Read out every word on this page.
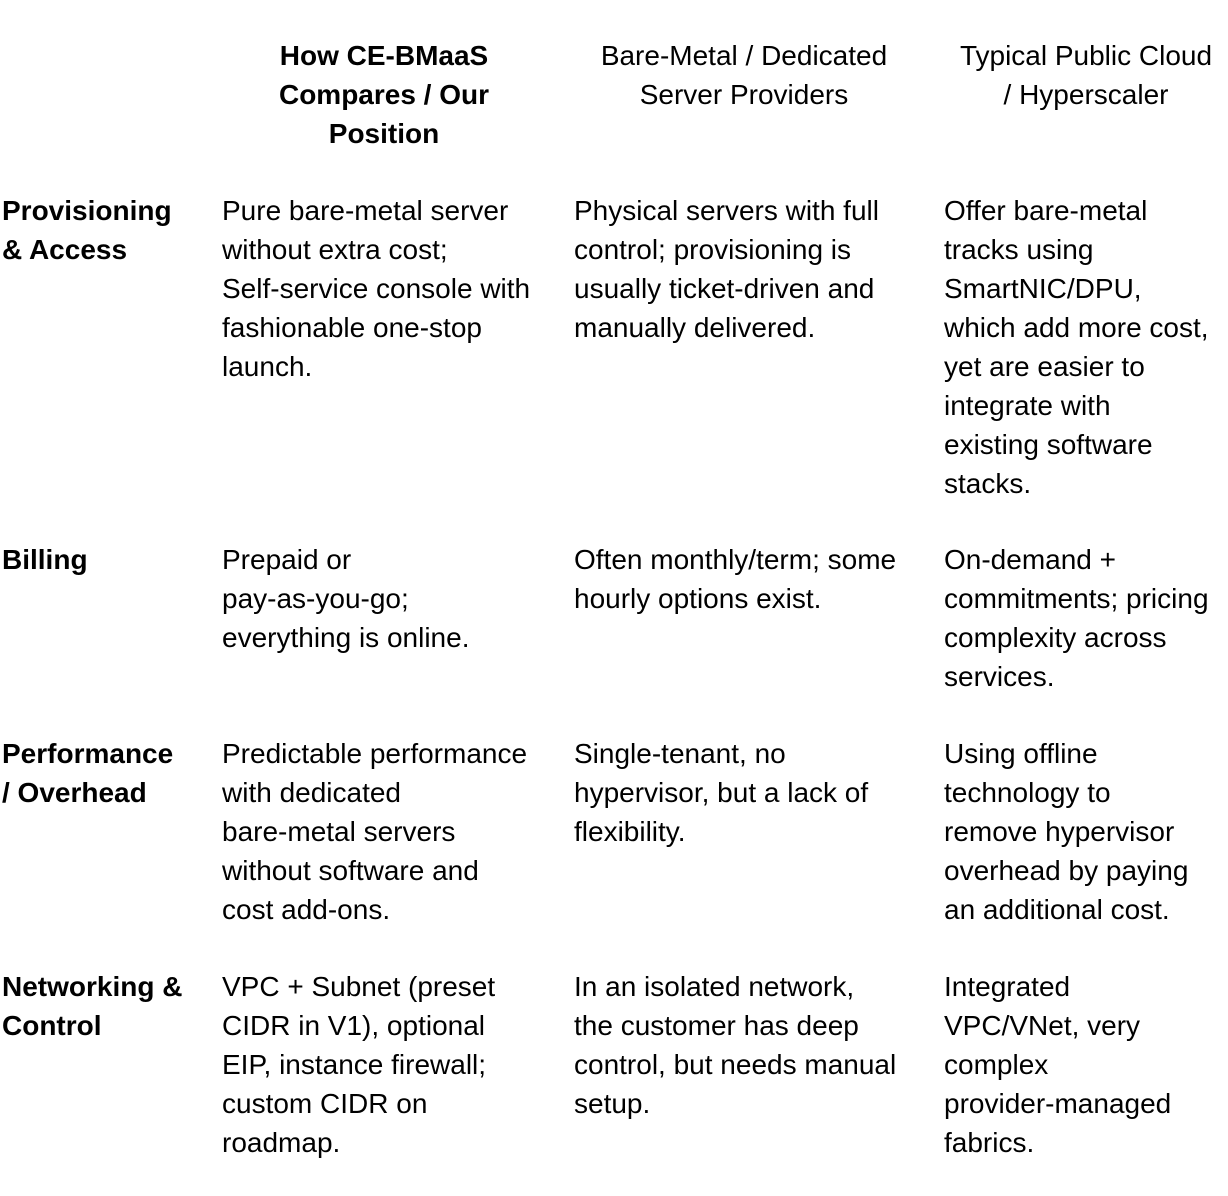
How CE-BMaaS
Compares / Our
Position
Bare-Metal / Dedicated
Server Providers
Typical Public Cloud
/ Hyperscaler
Provisioning
& Access
Pure bare-metal server
without extra cost;
Self-service console with
fashionable one-stop
launch.
Physical servers with full
control; provisioning is
usually ticket-driven and
manually delivered.
Offer bare-metal
tracks using
SmartNIC/DPU,
which add more cost,
yet are easier to
integrate with
existing software
stacks.
Billing	Prepaid or
pay-as-you-go;
everything is online.
Often monthly/term; some
hourly options exist.
On-demand +
commitments; pricing
complexity across
services.
Performance
/ Overhead
Predictable performance
with dedicated
bare-metal servers
without software and
cost add-ons.
Single-tenant, no
hypervisor, but a lack of
flexibility.
Using offline
technology to
remove hypervisor
overhead by paying
an additional cost.
Networking &
Control
VPC + Subnet (preset
CIDR in V1), optional
EIP, instance firewall;
custom CIDR on
roadmap.
In an isolated network,
the customer has deep
control, but needs manual
setup.
Integrated
VPC/VNet, very
complex
provider-managed
fabrics.
